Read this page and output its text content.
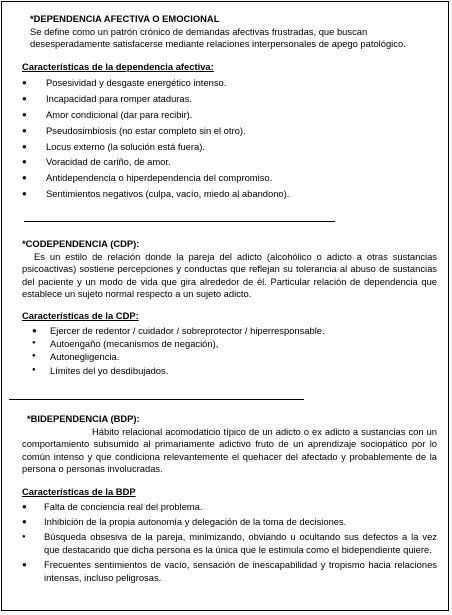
*DEPENDENCIA AFECTIVA O EMOCIONAL
Se define como un patrón crónico de demandas afectivas frustradas, que buscan desesperadamente satisfacerse mediante relaciones interpersonales de apego patológico.
Características de la dependencia afectiva:
● Posesividad y desgaste energético intenso.
● Incapacidad para romper ataduras.
● Amor condicional (dar para recibir).
● Pseudosimbiosis (no estar completo sin el otro).
● Locus externo (la solución está fuera).
● Voracidad de cariño, de amor.
● Antidependencia o hiperdependencia del compromiso.
● Sentimientos negativos (culpa, vacío, miedo al abandono).
*CODEPENDENCIA (CDP):
Es un estilo de relación donde la pareja del adicto (alcohólico o adicto a otras sustancias psicoactivas) sostiene percepciones y conductas que reflejan su tolerancia al abuso de sustancias del paciente y un modo de vida que gira alrededor de él. Particular relación de dependencia que establece un sujeto normal respecto a un sujeto adicto.
Características de la CDP:
● Ejercer de redentor / cuidador / sobreprotector / hiperresponsable.
● Autoengaño (mecanismos de negación),
● Autonegligencia.
● Límites del yo desdibujados.
*BIDEPENDENCIA (BDP):
Hábito relacional acomodaticio típico de un adicto o ex adicto a sustancias con un comportamiento subsumido al primariamente adictivo fruto de un aprendizaje sociopático por lo común intenso y que condiciona relevantemente el quehacer del afectado y probablemente de la persona o personas involucradas.
Características de la BDP
●	Falta de conciencia real del problema.
●	Inhibición de la propia autonomía y delegación de la toma de decisiones.
●	Búsqueda obsesiva de la pareja, minimizando, obviando u ocultando sus defectos a la vez que destacando que dicha persona es la única que le estimula como el bidependiente quiere.
●	Frecuentes sentimientos de vacío, sensación de inescapabilidad y tropismo hacia relaciones intensas, incluso peligrosas.
